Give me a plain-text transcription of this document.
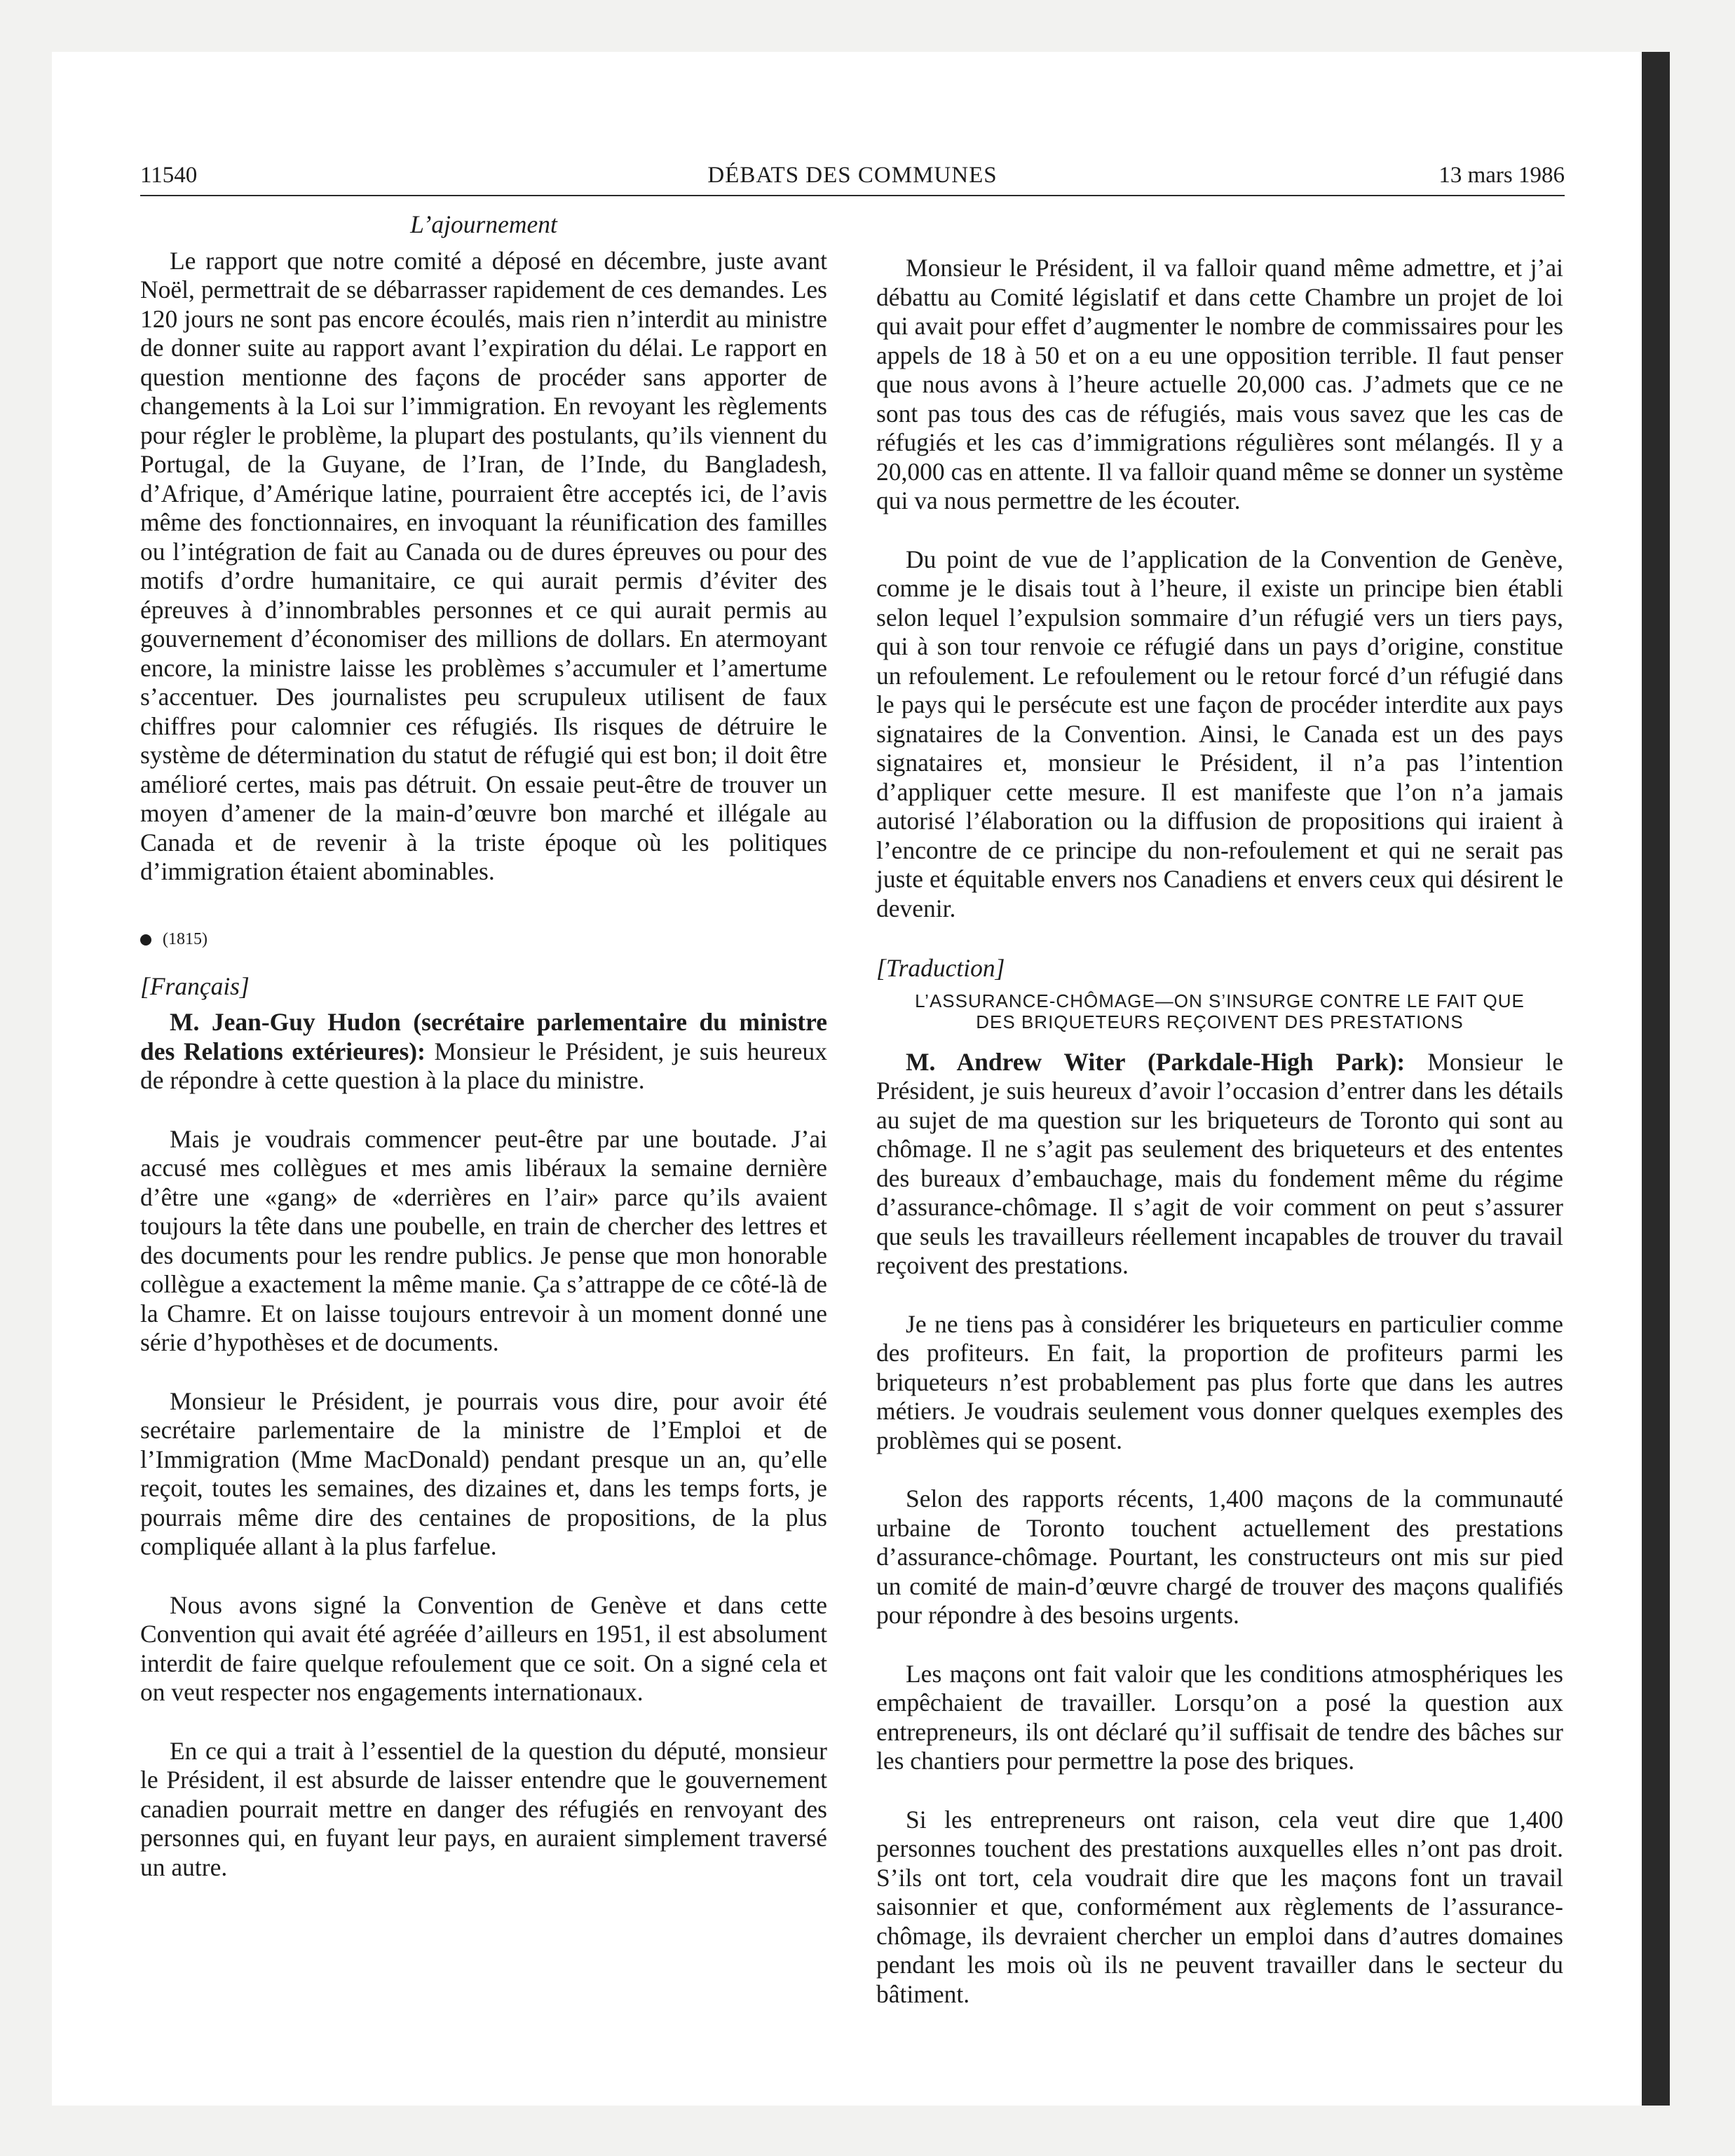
11540	DÉBATS DES COMMUNES	13 mars 1986
L’ajournement

Le rapport que notre comité a déposé en décembre, juste avant Noël, permettrait de se débarrasser rapidement de ces demandes. Les 120 jours ne sont pas encore écoulés, mais rien n’interdit au ministre de donner suite au rapport avant l’expiration du délai. Le rapport en question mentionne des façons de procéder sans apporter de changements à la Loi sur l’immigration. En revoyant les règlements pour régler le problème, la plupart des postulants, qu’ils viennent du Portugal, de la Guyane, de l’Iran, de l’Inde, du Bangladesh, d’Afrique, d’Amérique latine, pourraient être acceptés ici, de l’avis même des fonctionnaires, en invoquant la réunification des familles ou l’intégration de fait au Canada ou de dures épreuves ou pour des motifs d’ordre humanitaire, ce qui aurait permis d’éviter des épreuves à d’innombrables personnes et ce qui aurait permis au gouvernement d’économiser des millions de dollars. En atermoyant encore, la ministre laisse les problèmes s’accumuler et l’amertume s’accentuer. Des journalistes peu scrupuleux utilisent de faux chiffres pour calomnier ces réfugiés. Ils risques de détruire le système de détermination du statut de réfugié qui est bon; il doit être amélioré certes, mais pas détruit. On essaie peut-être de trouver un moyen d’amener de la main-d’œuvre bon marché et illégale au Canada et de revenir à la triste époque où les politiques d’immigration étaient abominables.

(1815)
[Français]

M. Jean-Guy Hudon (secrétaire parlementaire du ministre des Relations extérieures): Monsieur le Président, je suis heureux de répondre à cette question à la place du ministre.

Mais je voudrais commencer peut-être par une boutade. J’ai accusé mes collègues et mes amis libéraux la semaine dernière d’être une «gang» de «derrières en l’air» parce qu’ils avaient toujours la tête dans une poubelle, en train de chercher des lettres et des documents pour les rendre publics. Je pense que mon honorable collègue a exactement la même manie. Ça s’attrappe de ce côté-là de la Chamre. Et on laisse toujours entrevoir à un moment donné une série d’hypothèses et de documents.

Monsieur le Président, je pourrais vous dire, pour avoir été secrétaire parlementaire de la ministre de l’Emploi et de l’Immigration (Mme MacDonald) pendant presque un an, qu’elle reçoit, toutes les semaines, des dizaines et, dans les temps forts, je pourrais même dire des centaines de propositions, de la plus compliquée allant à la plus farfelue.

Nous avons signé la Convention de Genève et dans cette Convention qui avait été agréée d’ailleurs en 1951, il est absolument interdit de faire quelque refoulement que ce soit. On a signé cela et on veut respecter nos engagements internationaux.

En ce qui a trait à l’essentiel de la question du député, monsieur le Président, il est absurde de laisser entendre que le gouvernement canadien pourrait mettre en danger des réfugiés en renvoyant des personnes qui, en fuyant leur pays, en auraient simplement traversé un autre.

Monsieur le Président, il va falloir quand même admettre, et j’ai débattu au Comité législatif et dans cette Chambre un projet de loi qui avait pour effet d’augmenter le nombre de commissaires pour les appels de 18 à 50 et on a eu une opposition terrible. Il faut penser que nous avons à l’heure actuelle 20,000 cas. J’admets que ce ne sont pas tous des cas de réfugiés, mais vous savez que les cas de réfugiés et les cas d’immigrations régulières sont mélangés. Il y a 20,000 cas en attente. Il va falloir quand même se donner un système qui va nous permettre de les écouter.

Du point de vue de l’application de la Convention de Genève, comme je le disais tout à l’heure, il existe un principe bien établi selon lequel l’expulsion sommaire d’un réfugié vers un tiers pays, qui à son tour renvoie ce réfugié dans un pays d’origine, constitue un refoulement. Le refoulement ou le retour forcé d’un réfugié dans le pays qui le persécute est une façon de procéder interdite aux pays signataires de la Convention. Ainsi, le Canada est un des pays signataires et, monsieur le Président, il n’a pas l’intention d’appliquer cette mesure. Il est manifeste que l’on n’a jamais autorisé l’élaboration ou la diffusion de propositions qui iraient à l’encontre de ce principe du non-refoulement et qui ne serait pas juste et équitable envers nos Canadiens et envers ceux qui désirent le devenir.

[Traduction]
L’ASSURANCE-CHÔMAGE—ON S’INSURGE CONTRE LE FAIT QUE
DES BRIQUETEURS REÇOIVENT DES PRESTATIONS

M. Andrew Witer (Parkdale-High Park): Monsieur le Président, je suis heureux d’avoir l’occasion d’entrer dans les détails au sujet de ma question sur les briqueteurs de Toronto qui sont au chômage. Il ne s’agit pas seulement des briqueteurs et des ententes des bureaux d’embauchage, mais du fondement même du régime d’assurance-chômage. Il s’agit de voir comment on peut s’assurer que seuls les travailleurs réellement incapables de trouver du travail reçoivent des prestations.

Je ne tiens pas à considérer les briqueteurs en particulier comme des profiteurs. En fait, la proportion de profiteurs parmi les briqueteurs n’est probablement pas plus forte que dans les autres métiers. Je voudrais seulement vous donner quelques exemples des problèmes qui se posent.

Selon des rapports récents, 1,400 maçons de la communauté urbaine de Toronto touchent actuellement des prestations d’assurance-chômage. Pourtant, les constructeurs ont mis sur pied un comité de main-d’œuvre chargé de trouver des maçons qualifiés pour répondre à des besoins urgents.

Les maçons ont fait valoir que les conditions atmosphériques les empêchaient de travailler. Lorsqu’on a posé la question aux entrepreneurs, ils ont déclaré qu’il suffisait de tendre des bâches sur les chantiers pour permettre la pose des briques.

Si les entrepreneurs ont raison, cela veut dire que 1,400 personnes touchent des prestations auxquelles elles n’ont pas droit. S’ils ont tort, cela voudrait dire que les maçons font un travail saisonnier et que, conformément aux règlements de l’assurance-chômage, ils devraient chercher un emploi dans d’autres domaines pendant les mois où ils ne peuvent travailler dans le secteur du bâtiment.
